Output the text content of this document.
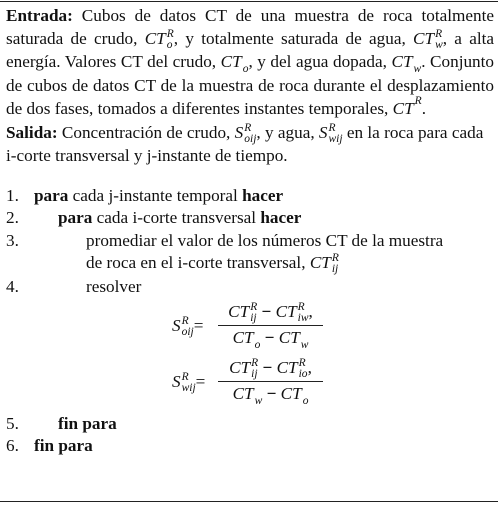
Entrada: Cubos de datos CT de una muestra de roca totalmente saturada de crudo, CT R
o , y totalmente saturada de agua, CT R
w , a alta energía. Valores CT del crudo, $CT_o$, y del agua dopada, $CT_w$. Conjunto de cubos de datos CT de la muestra de roca durante el desplazamiento de dos fases, tomados a diferentes instantes temporales, $CT^R$.

Salida: Concentración de crudo, S R
oij , y agua, S R
wij en la roca para cada i-corte transversal y j-instante de tiempo.

1. para cada j-instante temporal hacer
2. para cada i-corte transversal hacer
3.	promediar el valor de los números CT de la muestra
de roca en el i-corte transversal, CT R
ij
4.	resolver
S R
oij =
CT R
ij − CT R
iw ,
$CT_o - CT_w$
S R
wij =
CT R
ij − CT R
io ,
$CT_w - CT_o$
5. fin para
6. fin para
